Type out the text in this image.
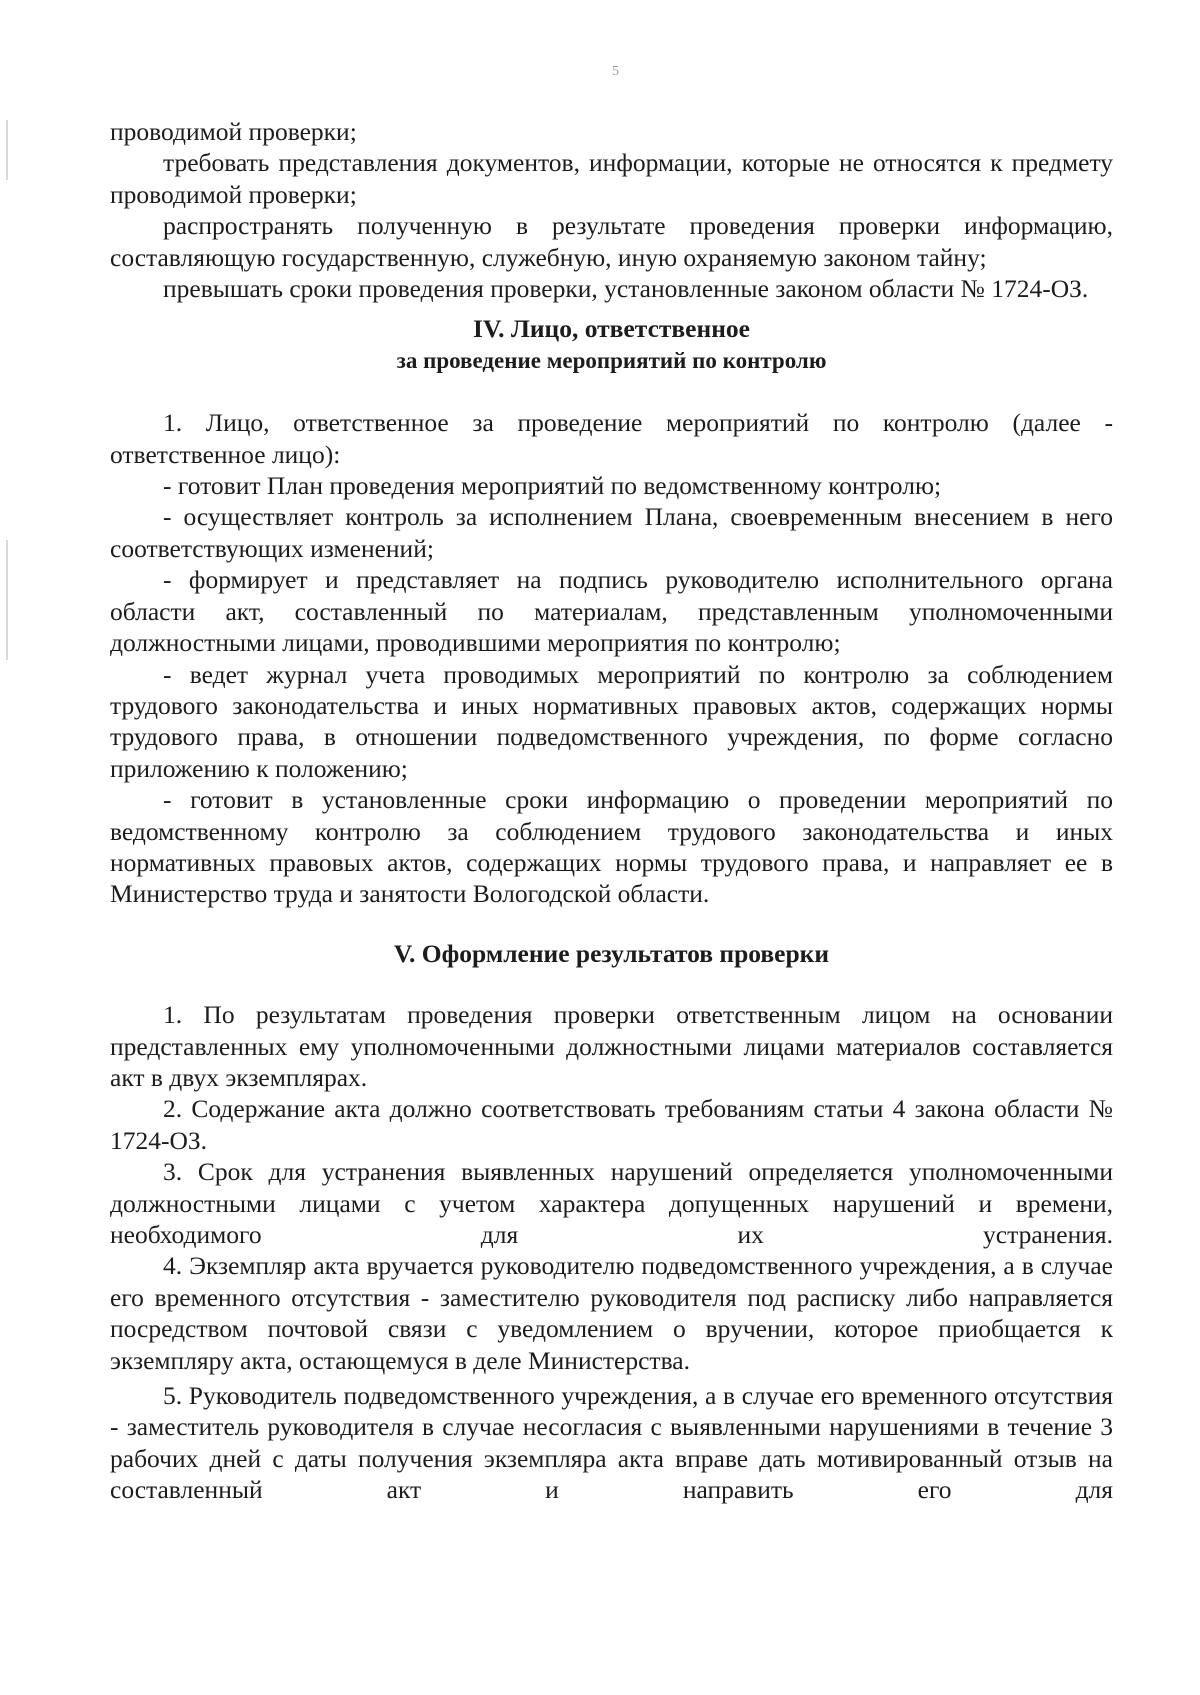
5

проводимой проверки;

требовать представления документов, информации, которые не относятся к предмету проводимой проверки;

распространять полученную в результате проведения проверки информацию, составляющую государственную, служебную, иную охраняемую законом тайну;

превышать сроки проведения проверки, установленные законом области № 1724-ОЗ.

IV. Лицо, ответственное

за проведение мероприятий по контролю

1. Лицо, ответственное за проведение мероприятий по контролю (далее - ответственное лицо):

- готовит План проведения мероприятий по ведомственному контролю;

- осуществляет контроль за исполнением Плана, своевременным внесением в него соответствующих изменений;

- формирует и представляет на подпись руководителю исполнительного органа области акт, составленный по материалам, представленным уполномоченными должностными лицами, проводившими мероприятия по контролю;

- ведет журнал учета проводимых мероприятий по контролю за соблюдением трудового законодательства и иных нормативных правовых актов, содержащих нормы трудового права, в отношении подведомственного учреждения, по форме согласно приложению к положению;

- готовит в установленные сроки информацию о проведении мероприятий по ведомственному контролю за соблюдением трудового законодательства и иных нормативных правовых актов, содержащих нормы трудового права, и направляет ее в Министерство труда и занятости Вологодской области.

V. Оформление результатов проверки

1. По результатам проведения проверки ответственным лицом на основании представленных ему уполномоченными должностными лицами материалов составляется акт в двух экземплярах.

2. Содержание акта должно соответствовать требованиям статьи 4 закона области № 1724-ОЗ.

3. Срок для устранения выявленных нарушений определяется уполномоченными должностными лицами с учетом характера допущенных нарушений и времени, необходимого для их устранения.

4. Экземпляр акта вручается руководителю подведомственного учреждения, а в случае его временного отсутствия - заместителю руководителя под расписку либо направляется посредством почтовой связи с уведомлением о вручении, которое приобщается к экземпляру акта, остающемуся в деле Министерства.

5. Руководитель подведомственного учреждения, а в случае его временного отсутствия - заместитель руководителя в случае несогласия с выявленными нарушениями в течение 3 рабочих дней с даты получения экземпляра акта вправе дать мотивированный отзыв на составленный акт и направить его для
